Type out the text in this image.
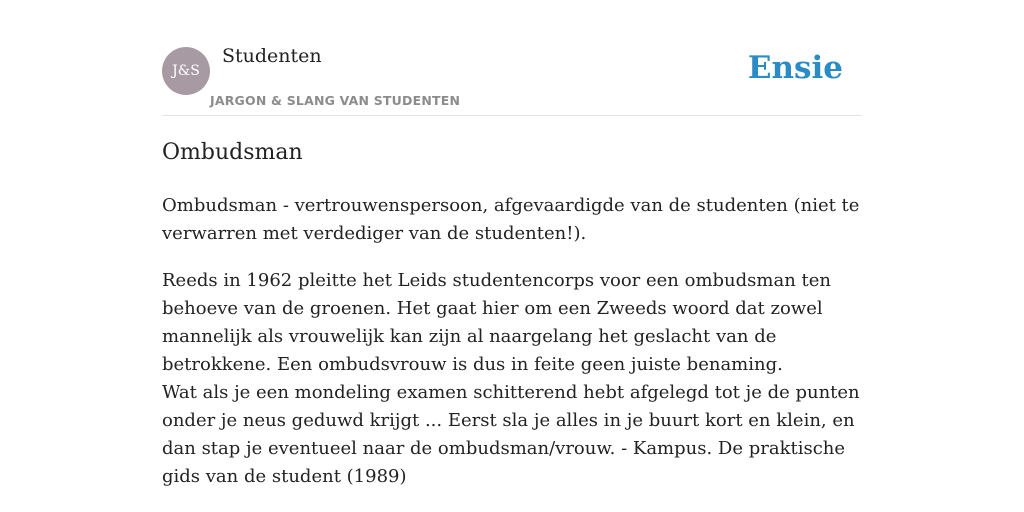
J&S
Studenten
JARGON & SLANG VAN STUDENTEN
Ensie
Ombudsman

Ombudsman - vertrouwenspersoon, afgevaardigde van de studenten (niet te verwarren met verdediger van de studenten!).

Reeds in 1962 pleitte het Leids studentencorps voor een ombudsman ten behoeve van de groenen. Het gaat hier om een Zweeds woord dat zowel mannelijk als vrouwelijk kan zijn al naargelang het geslacht van de betrokkene. Een ombudsvrouw is dus in feite geen juiste benaming.

Wat als je een mondeling examen schitterend hebt afgelegd tot je de punten onder je neus geduwd krijgt ... Eerst sla je alles in je buurt kort en klein, en dan stap je eventueel naar de ombudsman/vrouw. - Kampus. De praktische gids van de student (1989)
